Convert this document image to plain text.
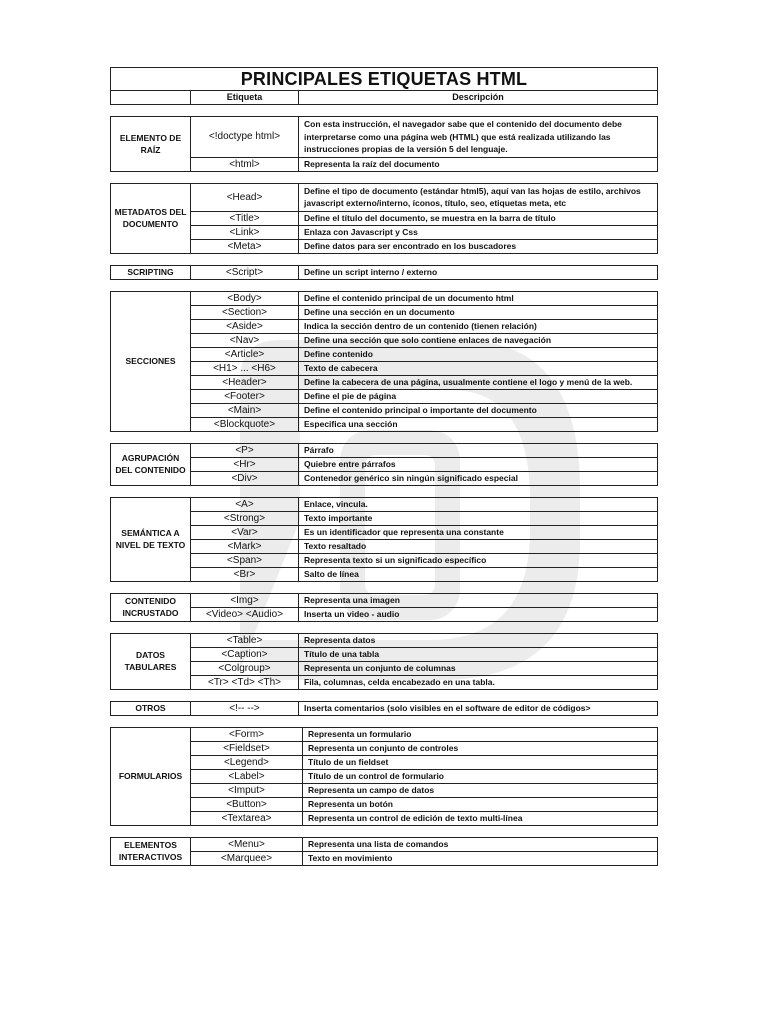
PRINCIPALES ETIQUETAS HTML
	Etiqueta	Descripción
ELEMENTO DE RAÍZ	<!doctype html>	Con esta instrucción, el navegador sabe que el contenido del documento debe interpretarse como una página web (HTML) que está realizada utilizando las instrucciones propias de la versión 5 del lenguaje.
	<html>	Representa la raíz del documento
METADATOS DEL DOCUMENTO	<Head>	Define el tipo de documento (estándar html5), aquí van las hojas de estilo, archivos javascript externo/interno, íconos, título, seo, etiquetas meta, etc
	<Title>	Define el título del documento, se muestra en la barra de título
	<Link>	Enlaza con Javascript y Css
	<Meta>	Define datos para ser encontrado en los buscadores
SCRIPTING	<Script>	Define un script interno / externo
SECCIONES	<Body>	Define el contenido principal de un documento html
	<Section>	Define una sección en un documento
	<Aside>	Indica la sección dentro de un contenido (tienen relación)
	<Nav>	Define una sección que solo contiene enlaces de navegación
	<Article>	Define contenido
	<H1> ... <H6>	Texto de cabecera
	<Header>	Define la cabecera de una página, usualmente contiene el logo y menú de la web.
	<Footer>	Define el pie de página
	<Main>	Define el contenido principal o importante del documento
	<Blockquote>	Especifica una sección
AGRUPACIÓN DEL CONTENIDO	<P>	Párrafo
	<Hr>	Quiebre entre párrafos
	<Div>	Contenedor genérico sin ningún significado especial
SEMÁNTICA A NIVEL DE TEXTO	<A>	Enlace, vincula.
	<Strong>	Texto importante
	<Var>	Es un identificador que representa una constante
	<Mark>	Texto resaltado
	<Span>	Representa texto si un significado específico
	<Br>	Salto de línea
CONTENIDO INCRUSTADO	<Img>	Representa una imagen
	<Video> <Audio>	Inserta un video - audio
DATOS TABULARES	<Table>	Representa datos
	<Caption>	Título de una tabla
	<Colgroup>	Representa un conjunto de columnas
	<Tr> <Td> <Th>	Fila, columnas, celda encabezado en una tabla.
OTROS	<!-- -->	Inserta comentarios (solo visibles en el software de editor de códigos>
FORMULARIOS	<Form>	Representa un formulario
	<Fieldset>	Representa un conjunto de controles
	<Legend>	Título de un fieldset
	<Label>	Título de un control de formulario
	<Imput>	Representa un campo de datos
	<Button>	Representa un botón
	<Textarea>	Representa un control de edición de texto multi-línea
ELEMENTOS INTERACTIVOS	<Menu>	Representa una lista de comandos
	<Marquee>	Texto en movimiento
